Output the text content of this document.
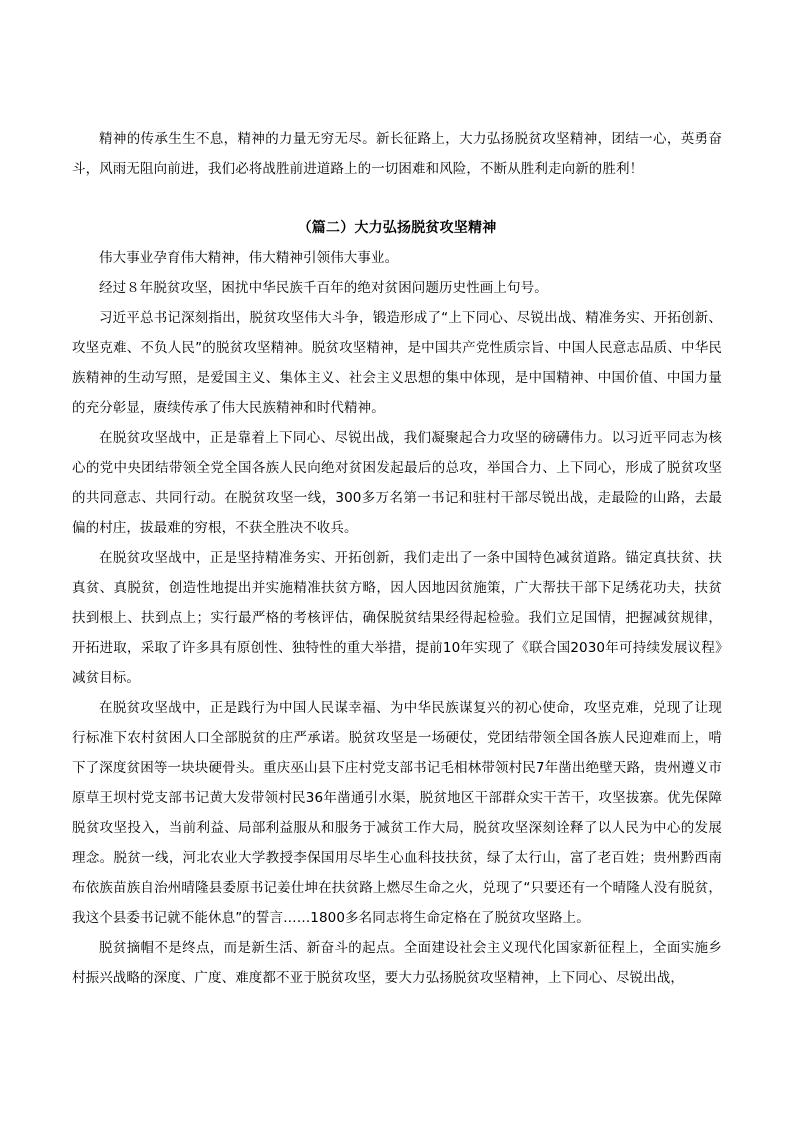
精神的传承生生不息，精神的力量无穷无尽。新长征路上，大力弘扬脱贫攻坚精神，团结一心，英勇奋斗，风雨无阻向前进，我们必将战胜前进道路上的一切困难和风险，不断从胜利走向新的胜利！

（篇二）大力弘扬脱贫攻坚精神

伟大事业孕育伟大精神，伟大精神引领伟大事业。

经过８年脱贫攻坚，困扰中华民族千百年的绝对贫困问题历史性画上句号。

习近平总书记深刻指出，脱贫攻坚伟大斗争，锻造形成了“上下同心、尽锐出战、精准务实、开拓创新、攻坚克难、不负人民”的脱贫攻坚精神。脱贫攻坚精神，是中国共产党性质宗旨、中国人民意志品质、中华民族精神的生动写照，是爱国主义、集体主义、社会主义思想的集中体现，是中国精神、中国价值、中国力量的充分彰显，赓续传承了伟大民族精神和时代精神。

在脱贫攻坚战中，正是靠着上下同心、尽锐出战，我们凝聚起合力攻坚的磅礴伟力。以习近平同志为核心的党中央团结带领全党全国各族人民向绝对贫困发起最后的总攻，举国合力、上下同心，形成了脱贫攻坚的共同意志、共同行动。在脱贫攻坚一线，300多万名第一书记和驻村干部尽锐出战，走最险的山路，去最偏的村庄，拔最难的穷根，不获全胜决不收兵。

在脱贫攻坚战中，正是坚持精准务实、开拓创新，我们走出了一条中国特色减贫道路。锚定真扶贫、扶真贫、真脱贫，创造性地提出并实施精准扶贫方略，因人因地因贫施策，广大帮扶干部下足绣花功夫，扶贫扶到根上、扶到点上；实行最严格的考核评估，确保脱贫结果经得起检验。我们立足国情，把握减贫规律，开拓进取，采取了许多具有原创性、独特性的重大举措，提前10年实现了《联合国2030年可持续发展议程》减贫目标。

在脱贫攻坚战中，正是践行为中国人民谋幸福、为中华民族谋复兴的初心使命，攻坚克难，兑现了让现行标准下农村贫困人口全部脱贫的庄严承诺。脱贫攻坚是一场硬仗，党团结带领全国各族人民迎难而上，啃下了深度贫困等一块块硬骨头。重庆巫山县下庄村党支部书记毛相林带领村民7年凿出绝壁天路，贵州遵义市原草王坝村党支部书记黄大发带领村民36年凿通引水渠，脱贫地区干部群众实干苦干，攻坚拔寨。优先保障脱贫攻坚投入，当前利益、局部利益服从和服务于减贫工作大局，脱贫攻坚深刻诠释了以人民为中心的发展理念。脱贫一线，河北农业大学教授李保国用尽毕生心血科技扶贫，绿了太行山，富了老百姓；贵州黔西南布依族苗族自治州晴隆县委原书记姜仕坤在扶贫路上燃尽生命之火，兑现了“只要还有一个晴隆人没有脱贫，我这个县委书记就不能休息”的誓言……1800多名同志将生命定格在了脱贫攻坚路上。

脱贫摘帽不是终点，而是新生活、新奋斗的起点。全面建设社会主义现代化国家新征程上，全面实施乡村振兴战略的深度、广度、难度都不亚于脱贫攻坚，要大力弘扬脱贫攻坚精神，上下同心、尽锐出战，
